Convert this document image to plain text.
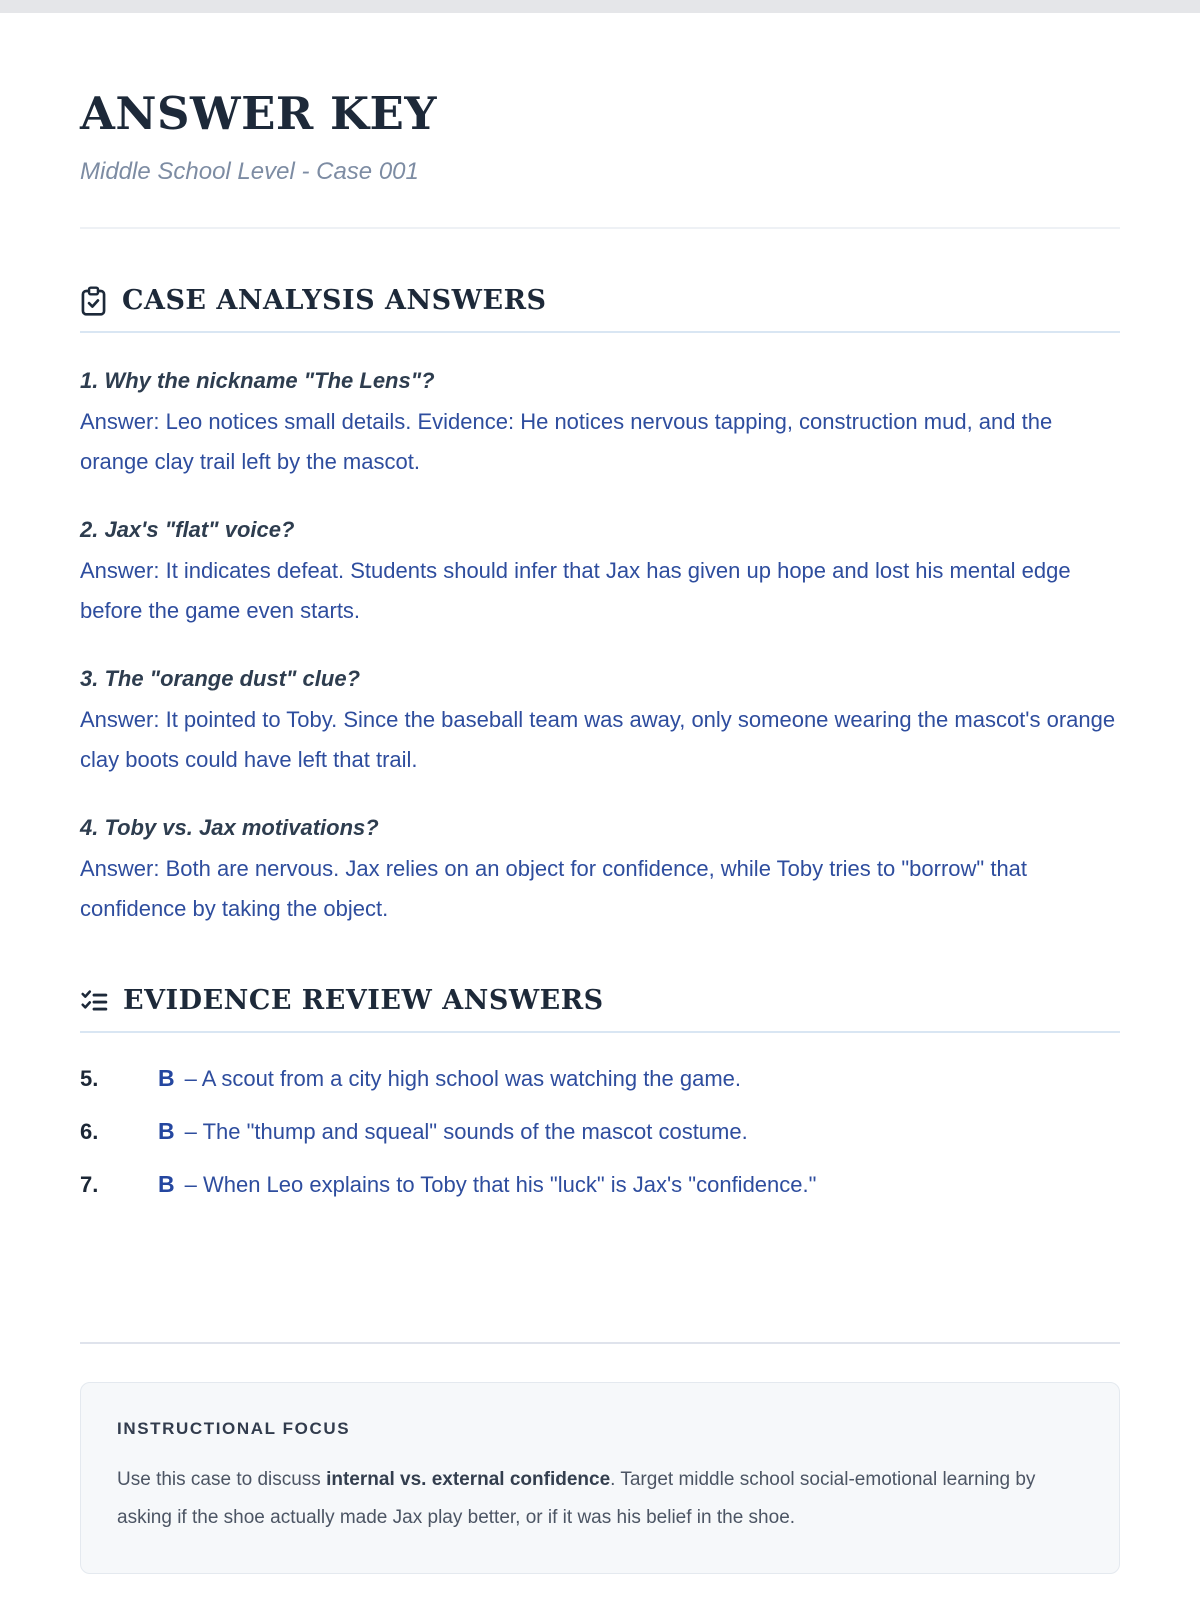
ANSWER KEY
Middle School Level - Case 001
CASE ANALYSIS ANSWERS
1. Why the nickname "The Lens"?
Answer: Leo notices small details. Evidence: He notices nervous tapping, construction mud, and the orange clay trail left by the mascot.
2. Jax's "flat" voice?
Answer: It indicates defeat. Students should infer that Jax has given up hope and lost his mental edge before the game even starts.
3. The "orange dust" clue?
Answer: It pointed to Toby. Since the baseball team was away, only someone wearing the mascot's orange clay boots could have left that trail.
4. Toby vs. Jax motivations?
Answer: Both are nervous. Jax relies on an object for confidence, while Toby tries to "borrow" that confidence by taking the object.
EVIDENCE REVIEW ANSWERS
5.	B – A scout from a city high school was watching the game.
6.	B – The "thump and squeal" sounds of the mascot costume.
7.	B – When Leo explains to Toby that his "luck" is Jax's "confidence."
INSTRUCTIONAL FOCUS
Use this case to discuss internal vs. external confidence. Target middle school social-emotional learning by asking if the shoe actually made Jax play better, or if it was his belief in the shoe.
